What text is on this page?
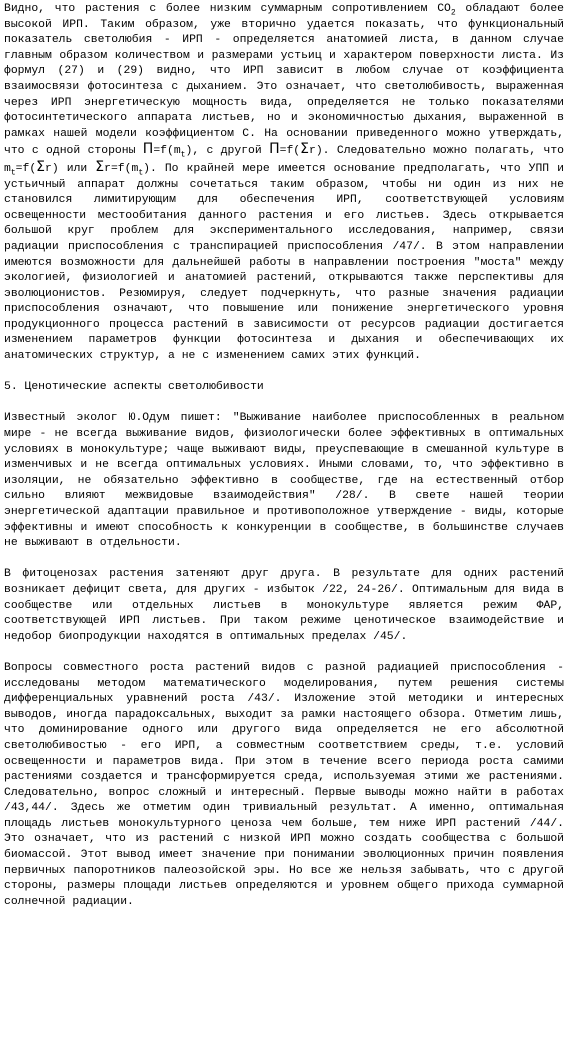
Видно, что растения с более низким суммарным сопротивлением $CO_2$ обладают более высокой ИРП. Таким образом, уже вторично удается показать, что функциональный показатель светолюбия - ИРП - определяется анатомией листа, в данном случае главным образом количеством и размерами устьиц и характером поверхности листа. Из формул (27) и (29) видно, что ИРП зависит в любом случае от коэффициента взаимосвязи фотосинтеза с дыханием. Это означает, что светолюбивость, выраженная через ИРП энергетическую мощность вида, определяется не только показателями фотосинтетического аппарата листьев, но и экономичностью дыхания, выраженной в рамках нашей модели коэффициентом C. На основании приведенного можно утверждать, что с одной стороны $\Pi=f(m_t)$, с другой Π=f(Σr). Следовательно можно полагать, что $m_t=f(\Sigma r)$ или $\Sigma r=f(m_t)$. По крайней мере имеется основание предполагать, что УПП и устьичный аппарат должны сочетаться таким образом, чтобы ни один из них не становился лимитирующим для обеспечения ИРП, соответствующей условиям освещенности местообитания данного растения и его листьев. Здесь открывается большой круг проблем для экспериментального исследования, например, связи радиации приспособления с транспирацией приспособления /47/. В этом направлении имеются возможности для дальнейшей работы в направлении построения "моста" между экологией, физиологией и анатомией растений, открываются также перспективы для эволюционистов. Резюмируя, следует подчеркнуть, что разные значения радиации приспособления означают, что повышение или понижение энергетического уровня продукционного процесса растений в зависимости от ресурсов радиации достигается изменением параметров функции фотосинтеза и дыхания и обеспечивающих их анатомических структур, а не с изменением самих этих функций.

5. Ценотические аспекты светолюбивости

Известный эколог Ю.Одум пишет: "Выживание наиболее приспособленных в реальном мире - не всегда выживание видов, физиологически более эффективных в оптимальных условиях в монокультуре; чаще выживают виды, преуспевающие в смешанной культуре в изменчивых и не всегда оптимальных условиях. Иными словами, то, что эффективно в изоляции, не обязательно эффективно в сообществе, где на естественный отбор сильно влияют межвидовые взаимодействия" /28/. В свете нашей теории энергетической адаптации правильное и противоположное утверждение - виды, которые эффективны и имеют способность к конкуренции в сообществе, в большинстве случаев не выживают в отдельности.

В фитоценозах растения затеняют друг друга. В результате для одних растений возникает дефицит света, для других - избыток /22, 24-26/. Оптимальным для вида в сообществе или отдельных листьев в монокультуре является режим ФАР, соответствующей ИРП листьев. При таком режиме ценотическое взаимодействие и недобор биопродукции находятся в оптимальных пределах /45/.

Вопросы совместного роста растений видов с разной радиацией приспособления - исследованы методом математического моделирования, путем решения системы дифференциальных уравнений роста /43/. Изложение этой методики и интересных выводов, иногда парадоксальных, выходит за рамки настоящего обзора. Отметим лишь, что доминирование одного или другого вида определяется не его абсолютной светолюбивостью - его ИРП, а совместным соответствием среды, т.е. условий освещенности и параметров вида. При этом в течение всего периода роста самими растениями создается и трансформируется среда, используемая этими же растениями. Следовательно, вопрос сложный и интересный. Первые выводы можно найти в работах /43,44/. Здесь же отметим один тривиальный результат. А именно, оптимальная площадь листьев монокультурного ценоза чем больше, тем ниже ИРП растений /44/. Это означает, что из растений с низкой ИРП можно создать сообщества с большой биомассой. Этот вывод имеет значение при понимании эволюционных причин появления первичных папоротников палеозойской эры. Но все же нельзя забывать, что с другой стороны, размеры площади листьев определяются и уровнем общего прихода суммарной солнечной радиации.
